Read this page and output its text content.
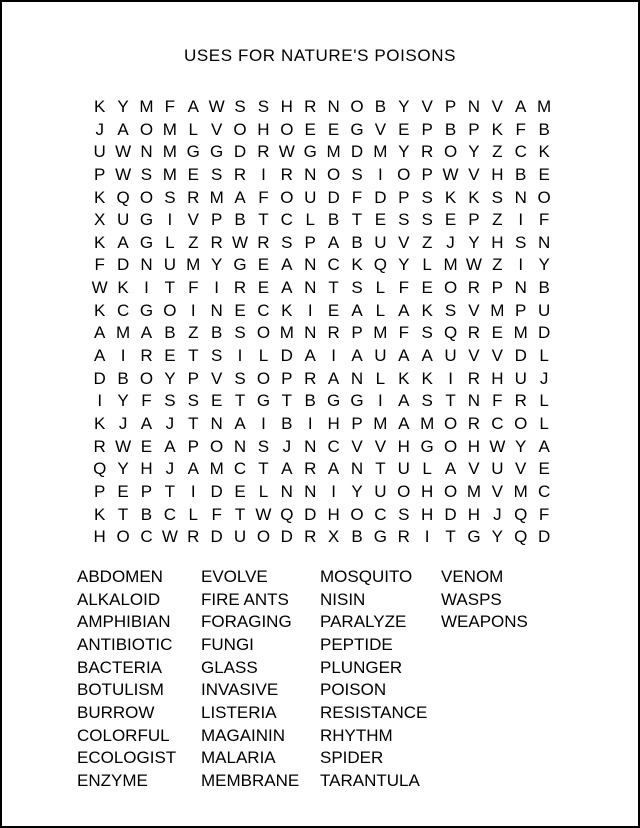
USES FOR NATURE'S POISONS
K Y M F A W S S H R N O B Y V P N V A M
J A O M L V O H O E E G V E P B P K F B
U W N M G G D R W G M D M Y R O Y Z C K
P W S M E S R I R N O S I O P W V H B E
K Q O S R M A F O U D F D P S K K S N O
X U G I V P B T C L B T E S S E P Z I F
K A G L Z R W R S P A B U V Z J Y H S N
F D N U M Y G E A N C K Q Y L M W Z I Y
W K I T F I R E A N T S L F E O R P N B
K C G O I N E C K I E A L A K S V M P U
A M A B Z B S O M N R P M F S Q R E M D
A I R E T S I L D A I A U A A U V V D L
D B O Y P V S O P R A N L K K I R H U J
I Y F S S E T G T B G G I A S T N F R L
K J A J T N A I B I H P M A M O R C O L
R W E A P O N S J N C V V H G O H W Y A
Q Y H J A M C T A R A N T U L A V U V E
P E P T I D E L N N I Y U O H O M V M C
K T B C L F T W Q D H O C S H D H J Q F
H O C W R D U O D R X B G R I T G Y Q D
ABDOMEN
ALKALOID
AMPHIBIAN
ANTIBIOTIC
BACTERIA
BOTULISM
BURROW
COLORFUL
ECOLOGIST
ENZYME
EVOLVE
FIRE ANTS
FORAGING
FUNGI
GLASS
INVASIVE
LISTERIA
MAGAININ
MALARIA
MEMBRANE
MOSQUITO
NISIN
PARALYZE
PEPTIDE
PLUNGER
POISON
RESISTANCE
RHYTHM
SPIDER
TARANTULA
VENOM
WASPS
WEAPONS
